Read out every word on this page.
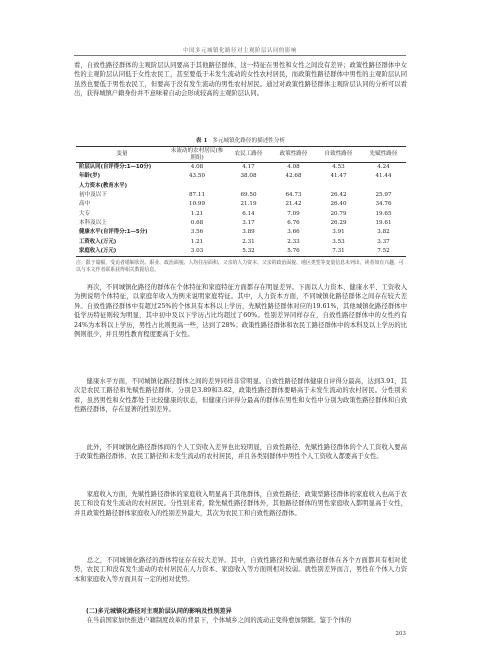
中国多元城镇化路径对主观阶层认同的影响

看，自致性路径群体的主观阶层认同要高于其他路径群体，这一特征在男性和女性之间没有差异；政策性路径群体中女性的主观阶层认同低于女性农民工，甚至要低于未发生流动的女性农村居民，而政策性路径群体中男性的主观阶层认同虽然也要低于男性农民工，但要高于没有发生流动的男性农村居民。通过对政策性路径群体主观阶层认同的分析可以看出，获得城镇户籍身份并不意味着自动会形成较高的主观阶层认同。

表 1 多元城镇化路径的描述性分析
变量	未流动的农村居民(参照组)	农民工路径	政策性路径	自致性路径	先赋性路径
阶层认同(自评得分:1—10分)	4.08	4.17	4.08	4.53	4.24
年龄(岁)	43.50	38.08	42.68	41.47	41.44
人力资本(教育水平)					
初中及以下	87.11	69.50	64.73	26.42	25.97
高中	10.99	21.19	21.42	26.40	34.76
大专	1.21	6.14	7.09	20.79	19.65
本科及以上	0.68	3.17	6.76	26.29	19.61
健康水平(自评得分:1—5分)	3.56	3.89	3.66	3.91	3.82
工资收入(万元)	1.21	2.31	2.33	3.53	3.37
家庭收入(万元)	3.03	5.32	5.76	7.31	7.52

注：限于篇幅，受访者婚姻状况、职业、政治面貌、人均住房面积、父亲的人力资本、父亲的政治面貌、地区类型等变量信息未列出，读者如有兴趣，可以与本文作者联系获得相关数据信息。

再次，不同城镇化路径的群体在个体特征和家庭特征方面都存在明显差异。下面以人力资本、健康水平、工资收入为例说明个体特征，以家庭年收入为例来说明家庭特征。其中，人力资本方面，不同城镇化路径群体之间存在较大差异。自致性路径群体中有超过25%的个体具有本科以上学历，先赋性路径群体对应的19.61%，其他城镇化路径群体中低学历特征则较为明显，其中初中及以下学历占比均超过了60%。性别差异同样存在，自致性路径群体中的女性约有24%为本科以上学历，男性占比则更高一些，达到了28%；政策性路径群体和农民工路径群体中的本科及以上学历的比例则很少，并且男性教育程度要高于女性。

健康水平方面，不同城镇化路径群体之间的差异同样非常明显。自致性路径群体健康自评得分最高，达到3.91，其次是农民工路径和先赋性路径群体，分别是3.89和3.82，政策性路径群体要略高于未发生流动的农村居民。分性别来看，虽然男性和女性都处于比较健康的状态，但健康自评得分最高的群体在男性和女性中分别为政策性路径群体和自致性路径群体，存在显著的性别差异。

此外，不同城镇化路径群体间的个人工资收入差异也比较明显，自致性路径、先赋性路径群体的个人工资收入要高于政策性路径群体、农民工路径和未发生流动的农村居民，并且各类别群体中男性个人工资收入都要高于女性。

家庭收入方面，先赋性路径群体的家庭收入明显高于其他群体，自致性路径、政策型路径群体的家庭收入也高于农民工和没有发生流动的农村居民。分性别来看，除先赋性路径群体外，其他路径群体的男性家庭收入都明显高于女性，并且政策性路径群体家庭收入的性别差异最大，其次为农民工和自致性路径群体。

总之，不同城镇化路径的群体特征存在较大差异。其中，自致性路径和先赋性路径群体在各个方面都具有相对优势，农民工和没有发生流动的农村居民在人力资本、家庭收入等方面则相对较弱。就性别差异而言，男性在个体人力资本和家庭收入等方面具有一定的相对优势。

(二)多元城镇化路径对主观阶层认同的影响及性别差异

在当前国家加快推进户籍制度改革的背景下，个体城乡之间的流动正变得愈加频繁。鉴于个体的

203
